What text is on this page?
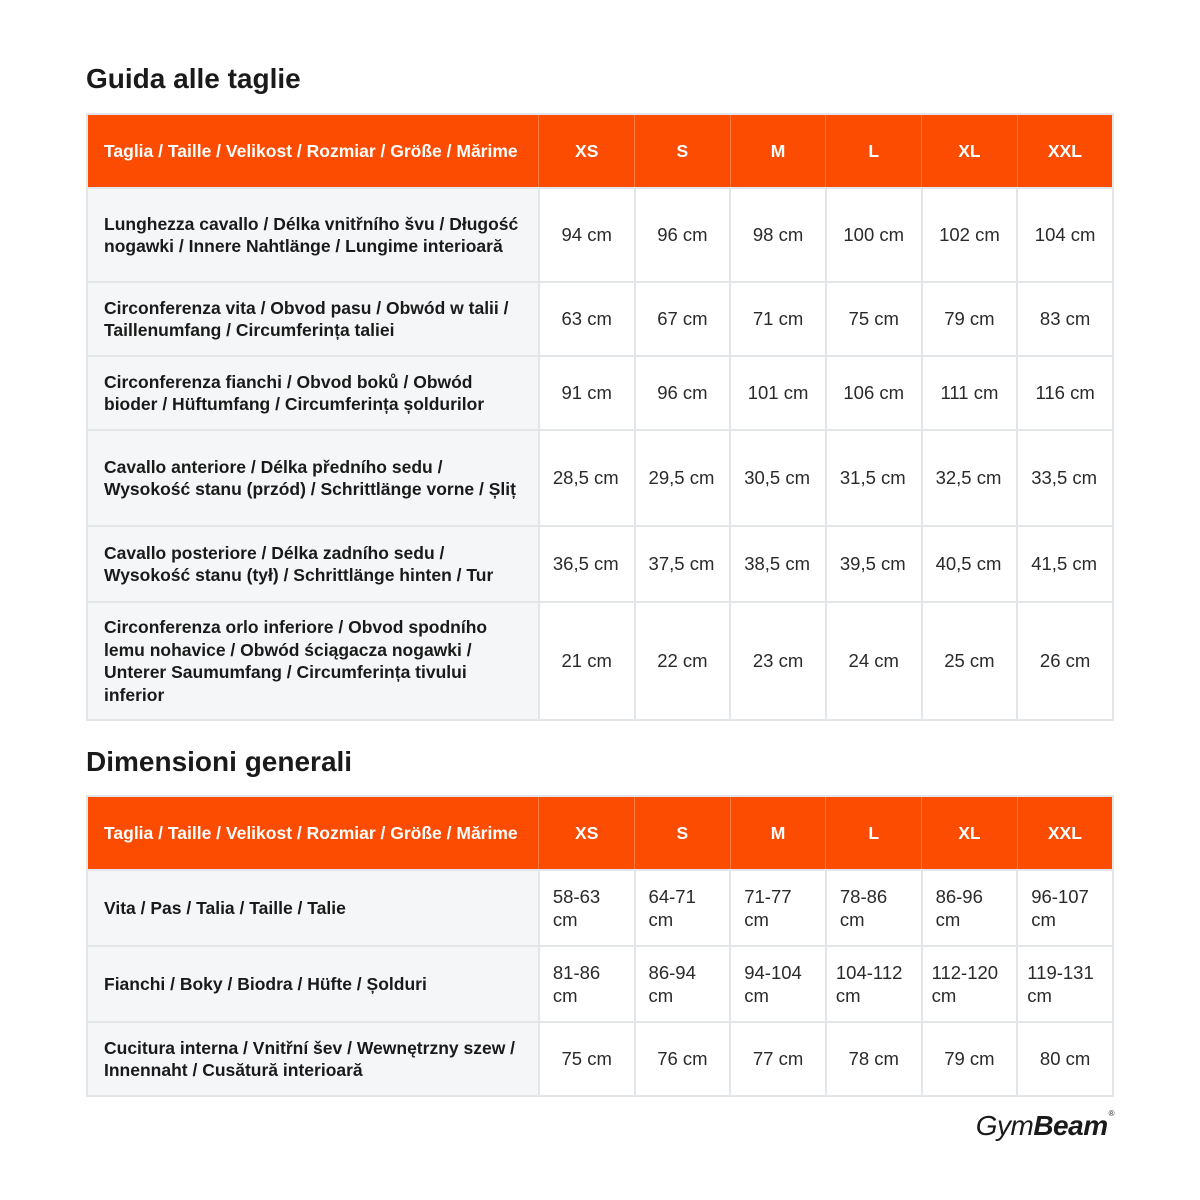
Guida alle taglie
Taglia / Taille / Velikost / Rozmiar / Größe / Mărime	XS	S	M	L	XL	XXL
Lunghezza cavallo / Délka vnitřního švu / Długość nogawki / Innere Nahtlänge / Lungime interioară	94 cm	96 cm	98 cm	100 cm	102 cm	104 cm
Circonferenza vita / Obvod pasu / Obwód w talii / Taillenumfang / Circumferința taliei	63 cm	67 cm	71 cm	75 cm	79 cm	83 cm
Circonferenza fianchi / Obvod boků / Obwód bioder / Hüftumfang / Circumferința șoldurilor	91 cm	96 cm	101 cm	106 cm	111 cm	116 cm
Cavallo anteriore / Délka předního sedu / Wysokość stanu (przód) / Schrittlänge vorne / Șliț	28,5 cm	29,5 cm	30,5 cm	31,5 cm	32,5 cm	33,5 cm
Cavallo posteriore / Délka zadního sedu / Wysokość stanu (tył) / Schrittlänge hinten / Tur	36,5 cm	37,5 cm	38,5 cm	39,5 cm	40,5 cm	41,5 cm
Circonferenza orlo inferiore / Obvod spodního lemu nohavice / Obwód ściągacza nogawki / Unterer Saumumfang / Circumferința tivului inferior	21 cm	22 cm	23 cm	24 cm	25 cm	26 cm
Dimensioni generali
Taglia / Taille / Velikost / Rozmiar / Größe / Mărime	XS	S	M	L	XL	XXL
Vita / Pas / Talia / Taille / Talie	58-63 cm	64-71 cm	71-77 cm	78-86 cm	86-96 cm	96-107 cm
Fianchi / Boky / Biodra / Hüfte / Șolduri	81-86 cm	86-94 cm	94-104 cm	104-112 cm	112-120 cm	119-131 cm
Cucitura interna / Vnitřní šev / Wewnętrzny szew / Innennaht / Cusătură interioară	75 cm	76 cm	77 cm	78 cm	79 cm	80 cm
GymBeam®
